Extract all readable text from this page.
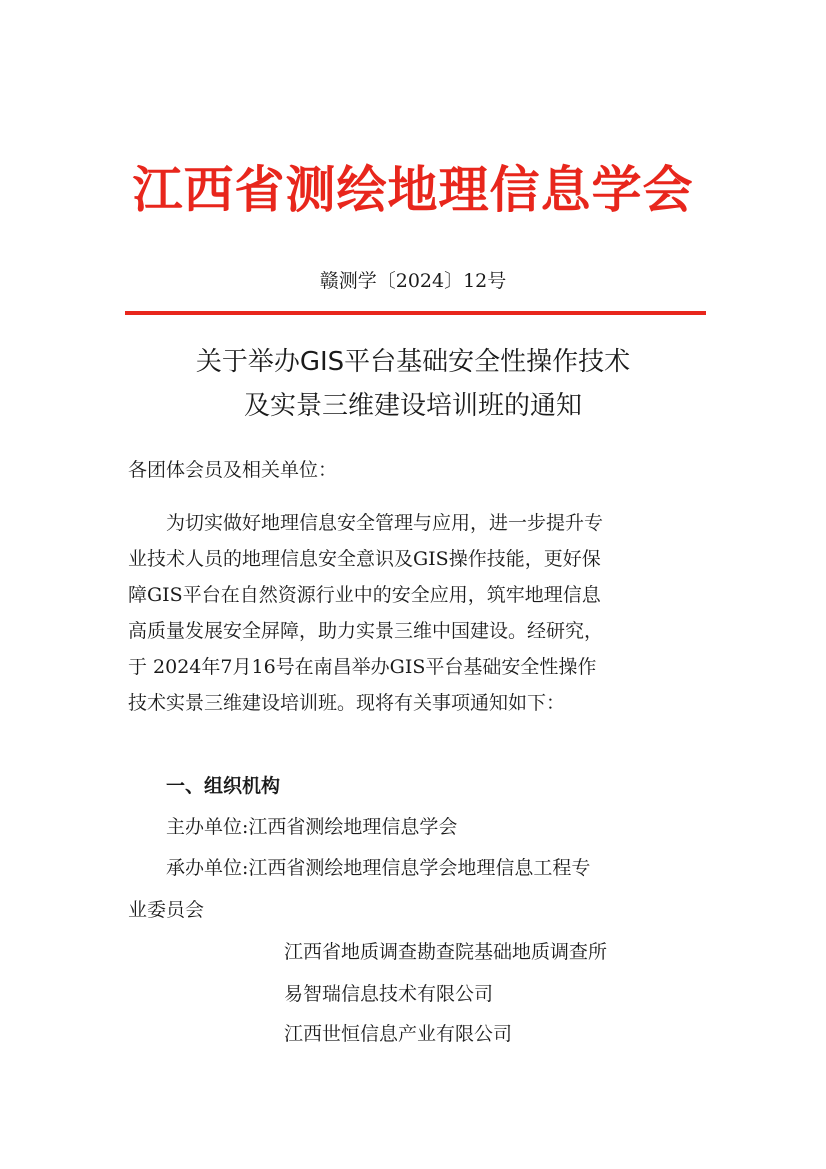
江西省测绘地理信息学会
赣测学〔2024〕12号
关于举办GIS平台基础安全性操作技术
及实景三维建设培训班的通知
各团体会员及相关单位：
　　为切实做好地理信息安全管理与应用，进一步提升专
业技术人员的地理信息安全意识及GIS操作技能，更好保
障GIS平台在自然资源行业中的安全应用，筑牢地理信息
高质量发展安全屏障，助力实景三维中国建设。经研究，
于 2024年7月16号在南昌举办GIS平台基础安全性操作
技术实景三维建设培训班。现将有关事项通知如下：
一、组织机构
主办单位:江西省测绘地理信息学会
承办单位:江西省测绘地理信息学会地理信息工程专
业委员会
江西省地质调查勘查院基础地质调查所
易智瑞信息技术有限公司
江西世恒信息产业有限公司
